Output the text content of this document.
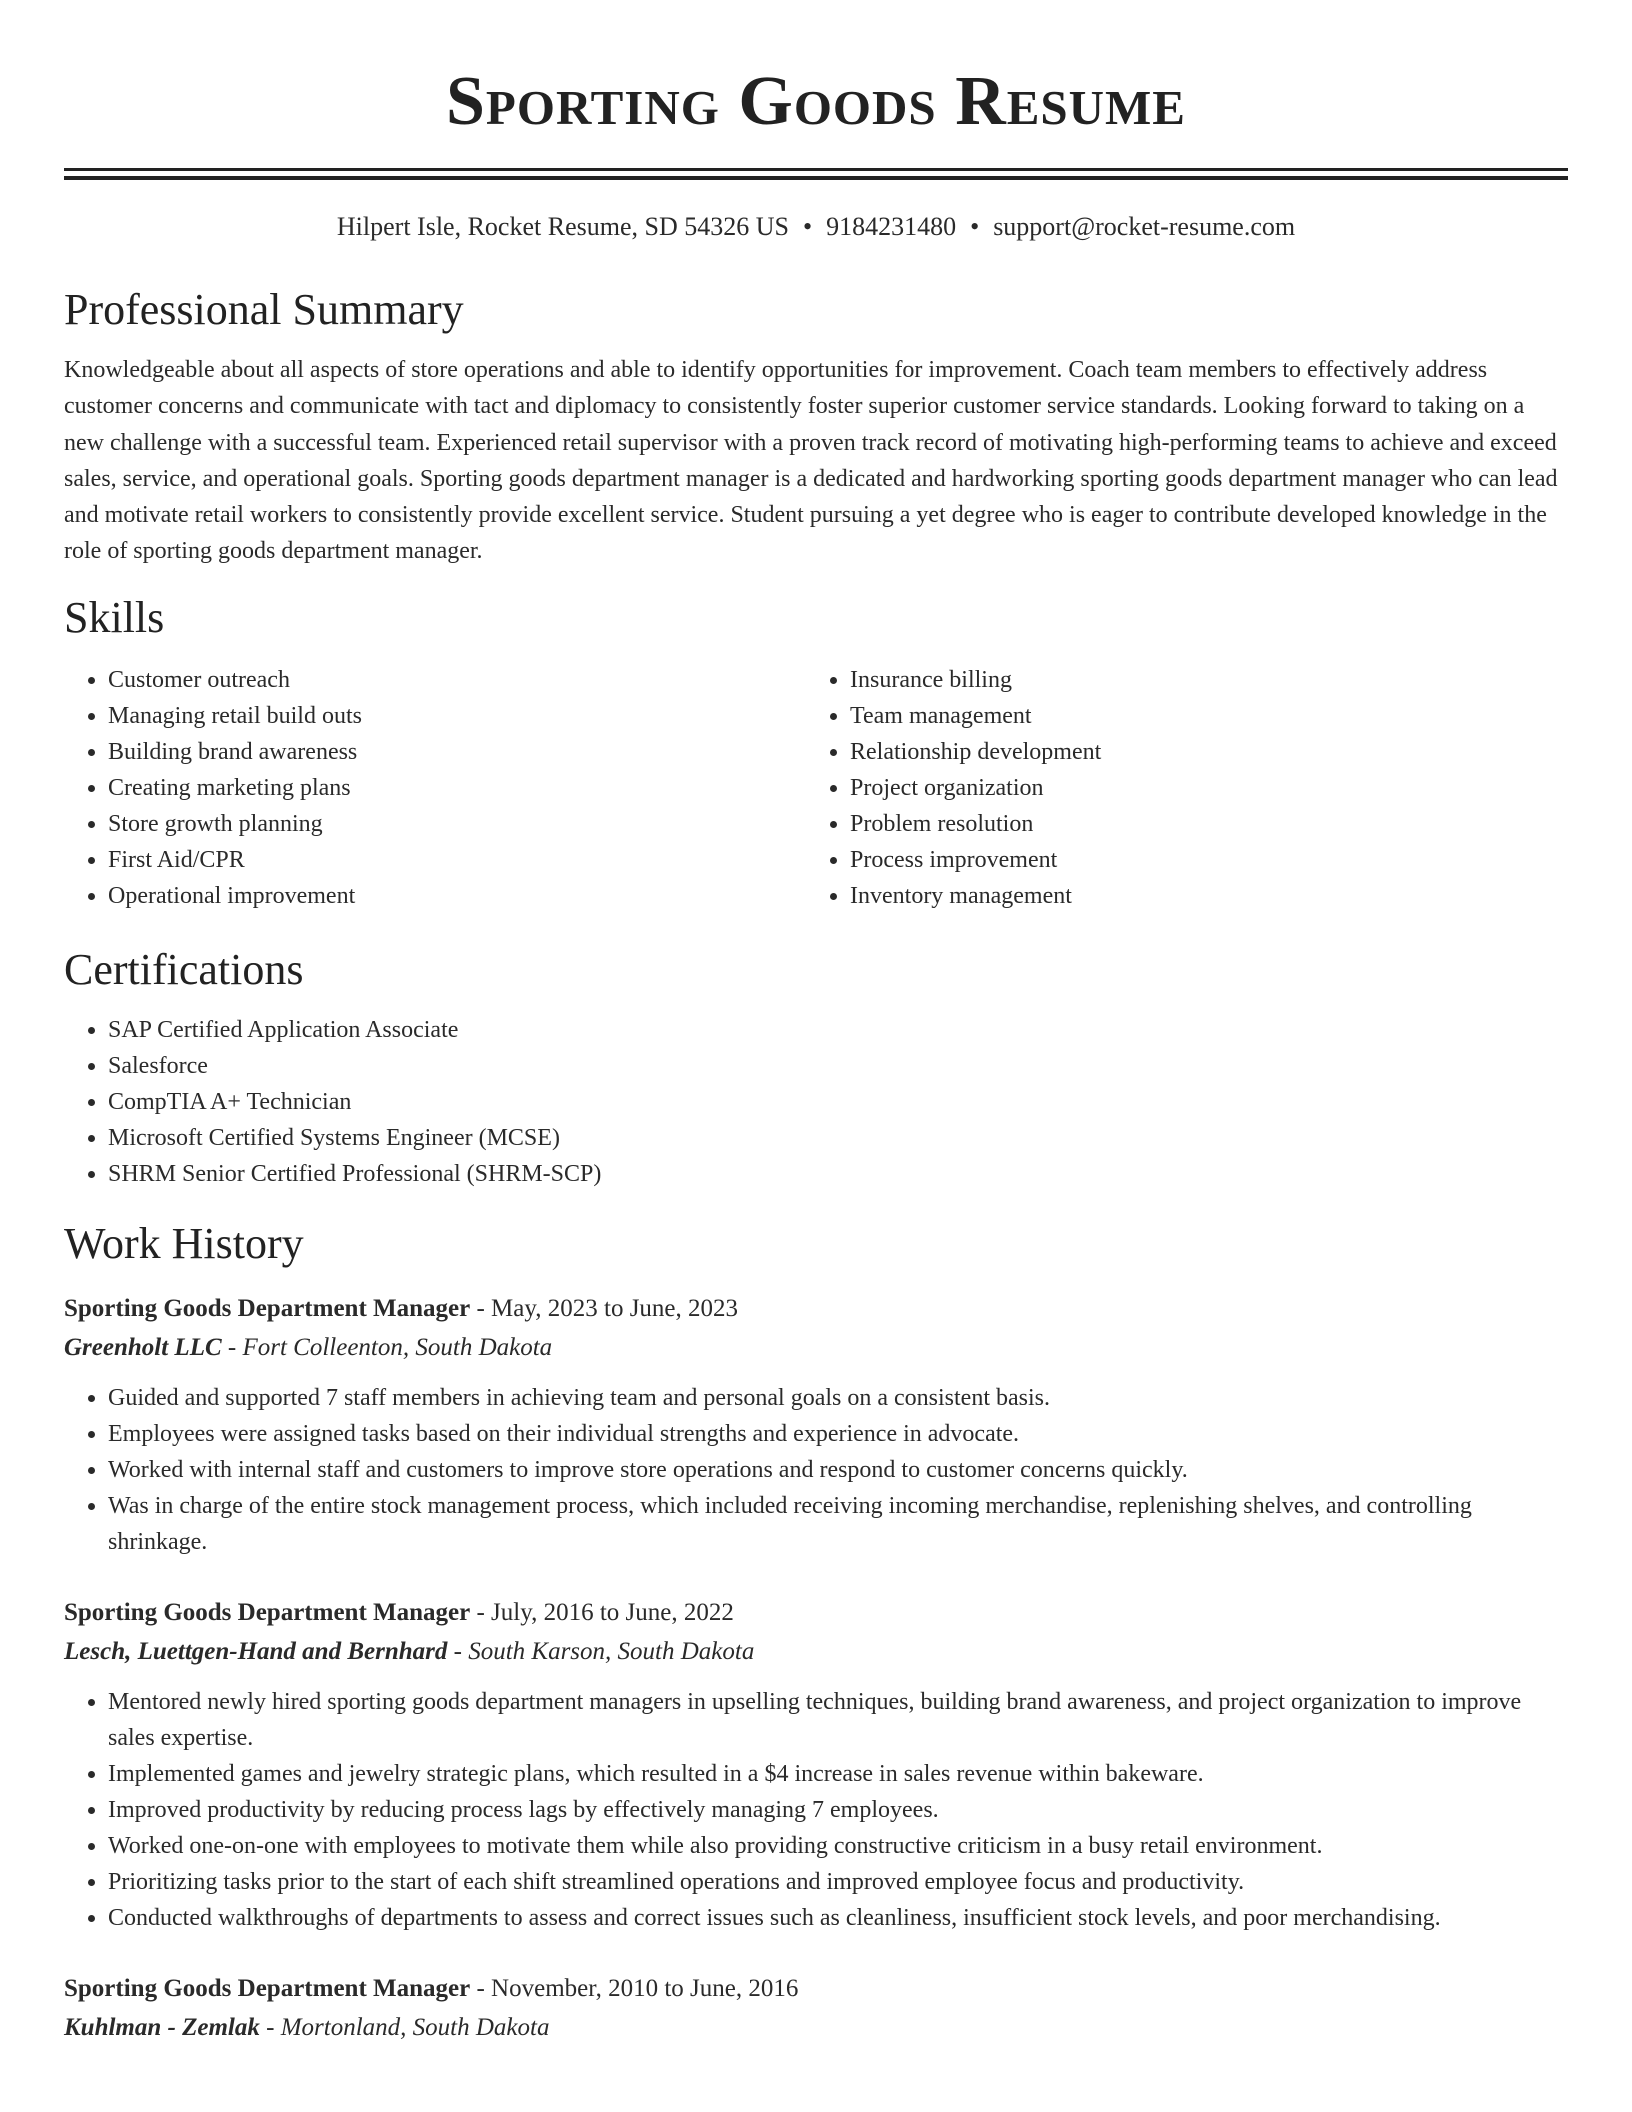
Sporting Goods Resume
Hilpert Isle, Rocket Resume, SD 54326 US • 9184231480 • support@rocket-resume.com
Professional Summary

Knowledgeable about all aspects of store operations and able to identify opportunities for improvement. Coach team members to effectively address customer concerns and communicate with tact and diplomacy to consistently foster superior customer service standards. Looking forward to taking on a new challenge with a successful team. Experienced retail supervisor with a proven track record of motivating high-performing teams to achieve and exceed sales, service, and operational goals. Sporting goods department manager is a dedicated and hardworking sporting goods department manager who can lead and motivate retail workers to consistently provide excellent service. Student pursuing a yet degree who is eager to contribute developed knowledge in the role of sporting goods department manager.

Skills
• Customer outreach
• Managing retail build outs
• Building brand awareness
• Creating marketing plans
• Store growth planning
• First Aid/CPR
• Operational improvement
• Insurance billing
• Team management
• Relationship development
• Project organization
• Problem resolution
• Process improvement
• Inventory management
Certifications
• SAP Certified Application Associate
• Salesforce
• CompTIA A+ Technician
• Microsoft Certified Systems Engineer (MCSE)
• SHRM Senior Certified Professional (SHRM-SCP)
Work History
Sporting Goods Department Manager - May, 2023 to June, 2023
Greenholt LLC - Fort Colleenton, South Dakota
• Guided and supported 7 staff members in achieving team and personal goals on a consistent basis.
• Employees were assigned tasks based on their individual strengths and experience in advocate.
• Worked with internal staff and customers to improve store operations and respond to customer concerns quickly.
• Was in charge of the entire stock management process, which included receiving incoming merchandise, replenishing shelves, and controlling shrinkage.
Sporting Goods Department Manager - July, 2016 to June, 2022
Lesch, Luettgen-Hand and Bernhard - South Karson, South Dakota
• Mentored newly hired sporting goods department managers in upselling techniques, building brand awareness, and project organization to improve sales expertise.
• Implemented games and jewelry strategic plans, which resulted in a $4 increase in sales revenue within bakeware.
• Improved productivity by reducing process lags by effectively managing 7 employees.
• Worked one-on-one with employees to motivate them while also providing constructive criticism in a busy retail environment.
• Prioritizing tasks prior to the start of each shift streamlined operations and improved employee focus and productivity.
• Conducted walkthroughs of departments to assess and correct issues such as cleanliness, insufficient stock levels, and poor merchandising.
Sporting Goods Department Manager - November, 2010 to June, 2016
Kuhlman - Zemlak - Mortonland, South Dakota
